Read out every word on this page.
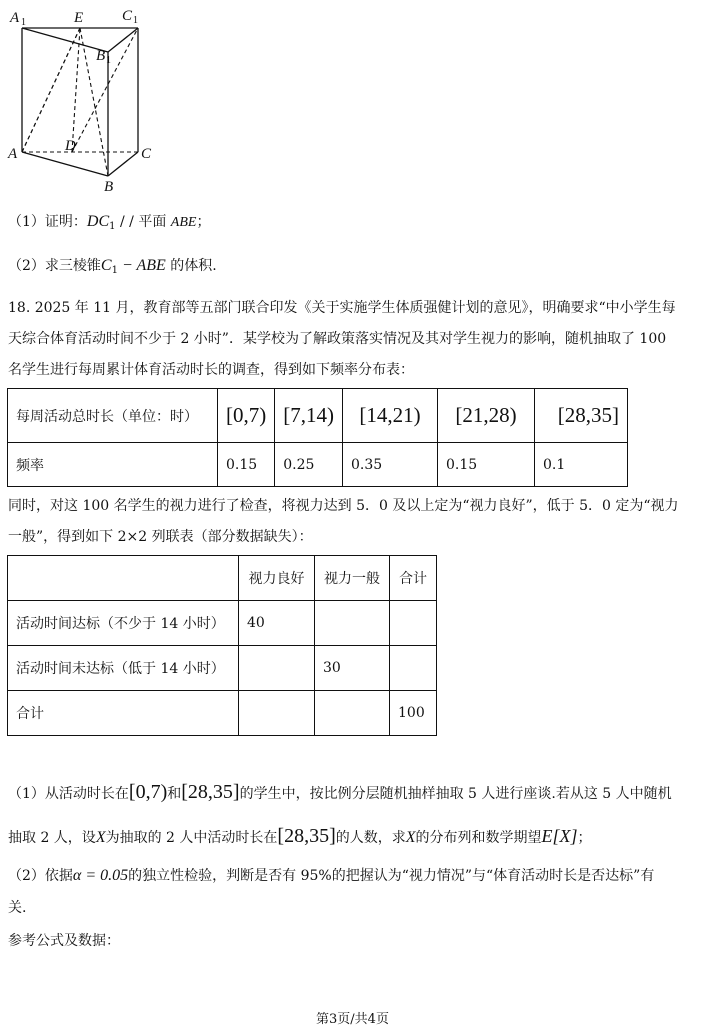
A 1	E	C 1
B 1
D
A	C
B
（1）证明：$DC_1$ / / 平面 ABE；
（2）求三棱锥$C_1$ − ABE 的体积.
18. 2025 年 11 月，教育部等五部门联合印发《关于实施学生体质强健计划的意见》，明确要求“中小学生每
天综合体育活动时间不少于 2 小时”．某学校为了解政策落实情况及其对学生视力的影响，随机抽取了 100
名学生进行每周累计体育活动时长的调查，得到如下频率分布表：
每周活动总时长（单位：时）	[0,7)	[7,14)	[14,21)	[21,28)	[28,35]
频率	0.15	0.25	0.35	0.15	0.1
同时，对这 100 名学生的视力进行了检查，将视力达到 5．0 及以上定为“视力良好”，低于 5．0 定为“视力
一般”，得到如下 2×2 列联表（部分数据缺失）：
	视力良好	视力一般	合计
活动时间达标（不少于 14 小时）	40		
活动时间未达标（低于 14 小时）		30	
合计			100
（1）从活动时长在[0,7)和[28,35]的学生中，按比例分层随机抽样抽取 5 人进行座谈.若从这 5 人中随机
抽取 2 人，设X为抽取的 2 人中活动时长在[28,35]的人数，求X的分布列和数学期望E[X]；
（2）依据α = 0.05的独立性检验，判断是否有 95%的把握认为“视力情况”与“体育活动时长是否达标”有
关.
参考公式及数据：
第3页/共4页
